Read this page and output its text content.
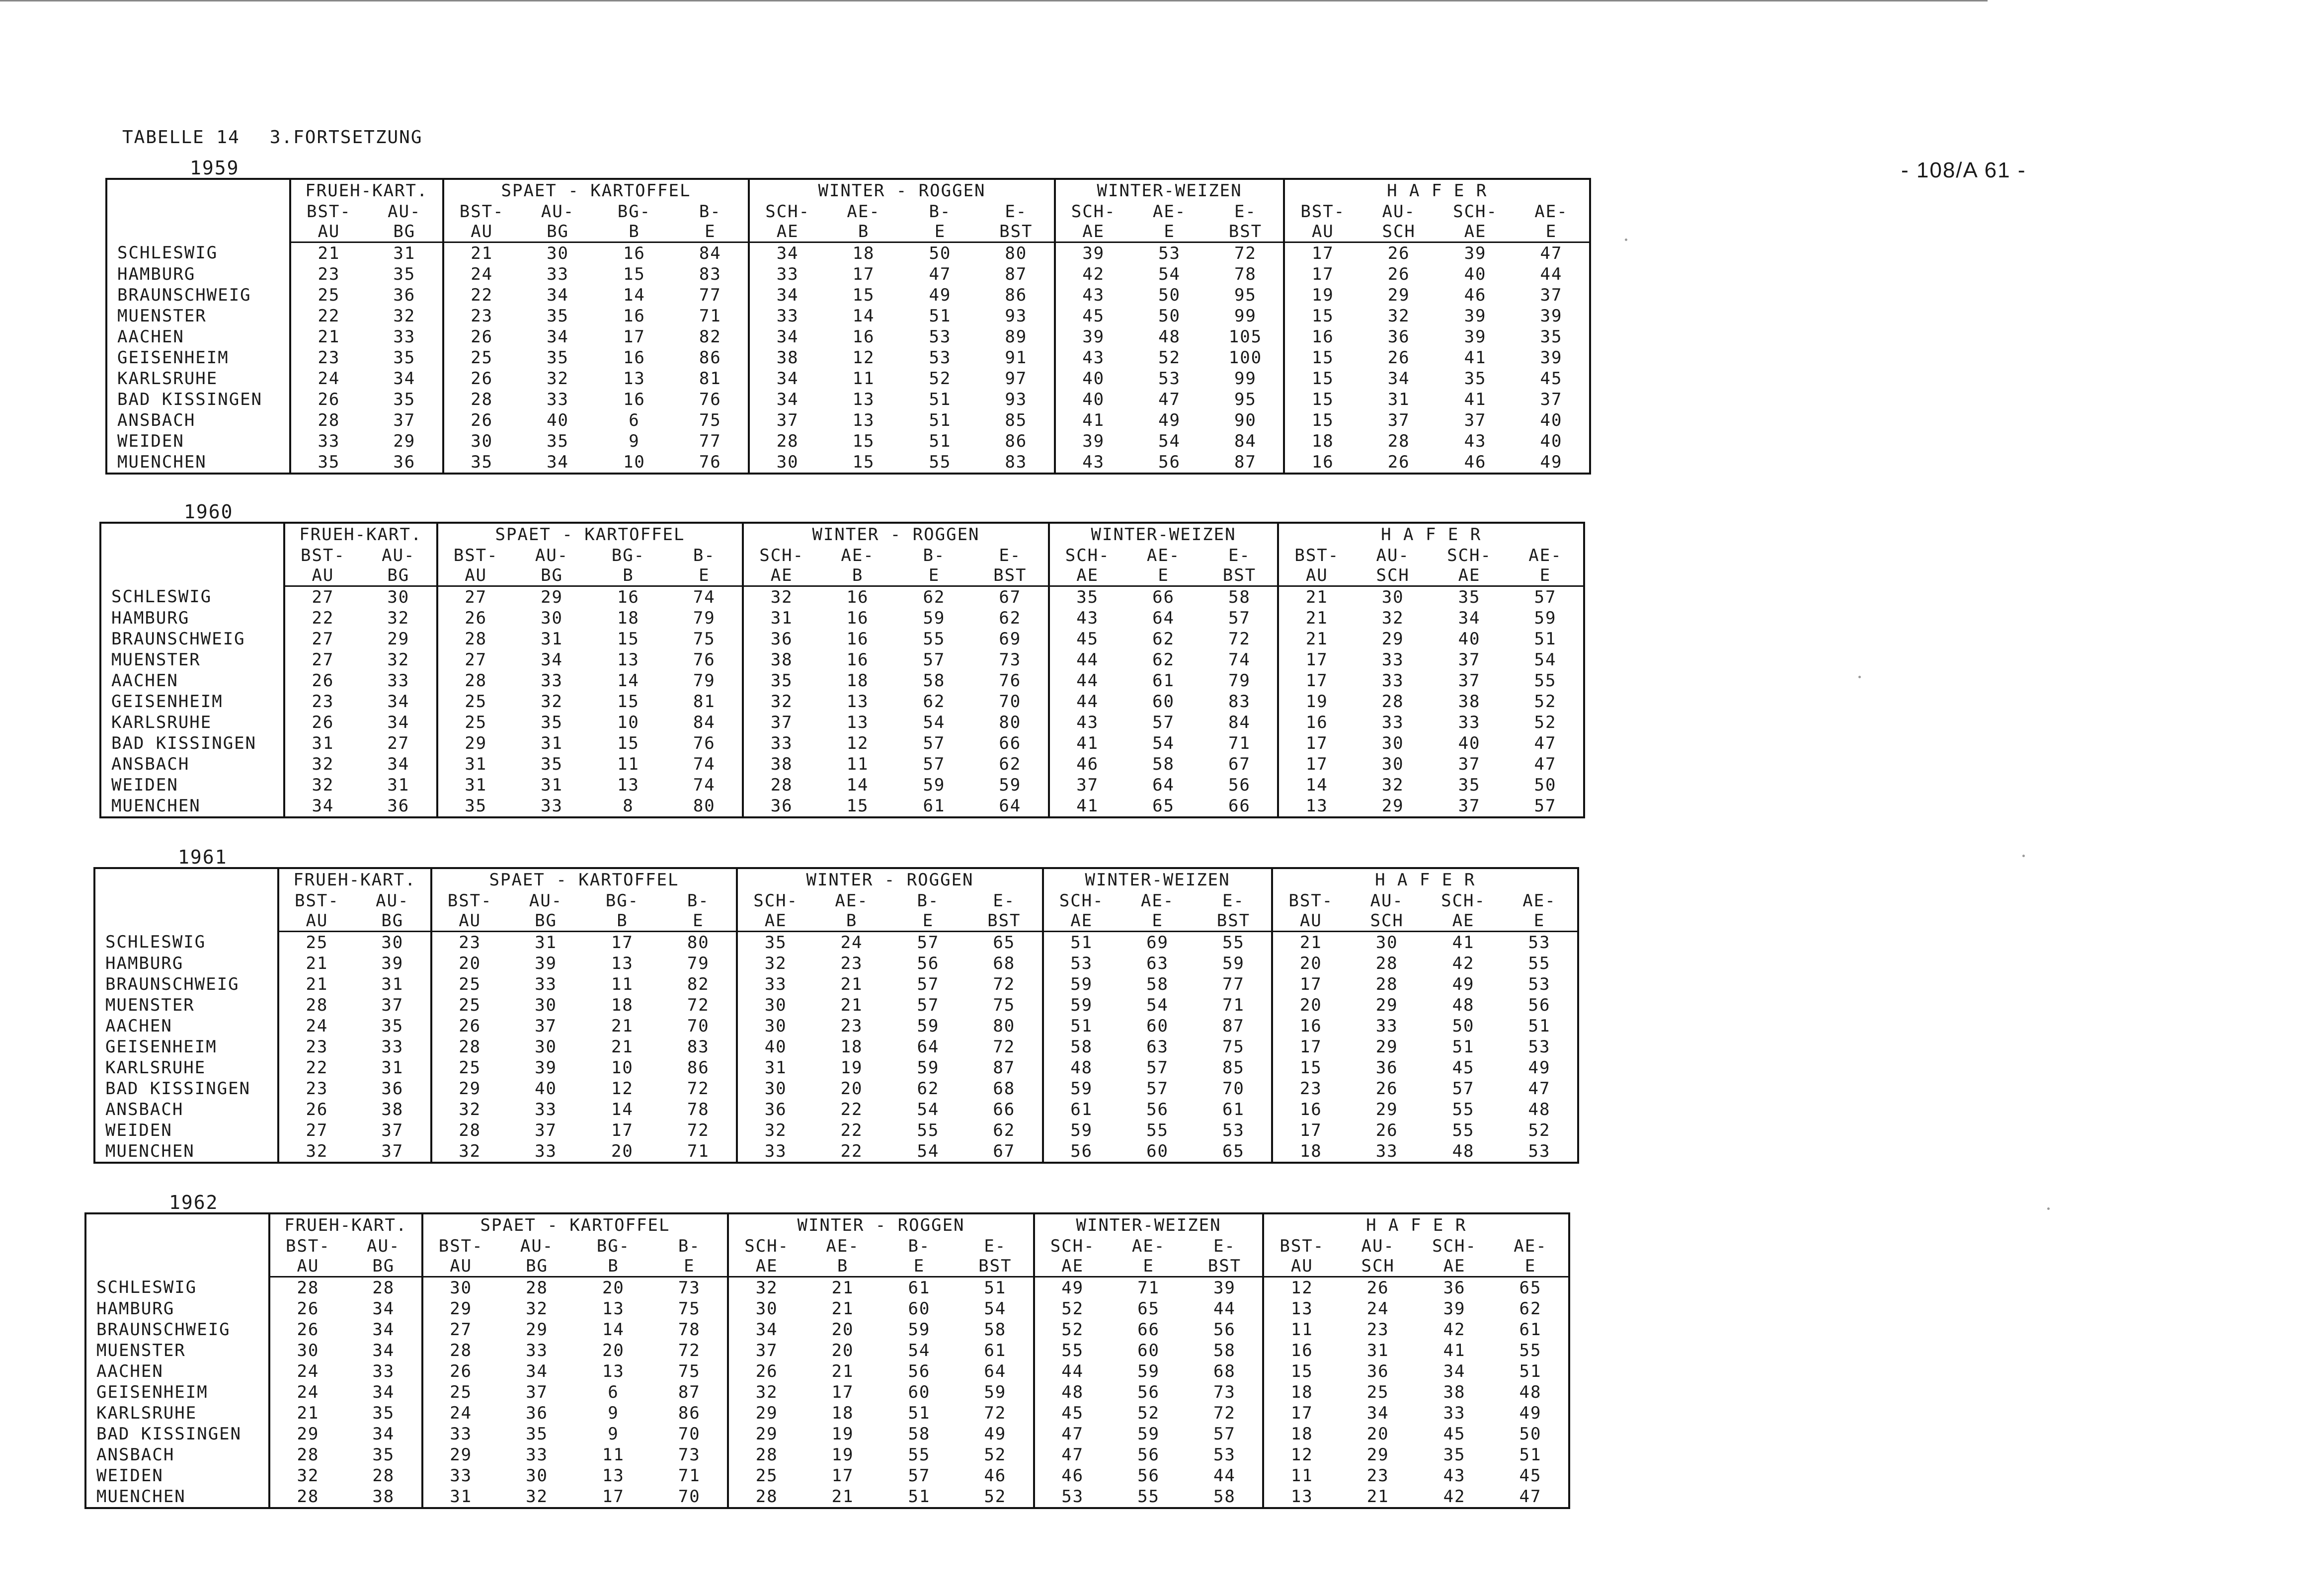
TABELLE 14 3.FORTSETZUNG
- 108/A 61 -
1959
	FRUEH-KART.		SPAET - KARTOFFEL				WINTER - ROGGEN				WINTER-WEIZEN			H A F E R			
	BST-	AU-	BST-	AU-	BG-	B-	SCH-	AE-	B-	E-	SCH-	AE-	E-	BST-	AU-	SCH-	AE-
	AU	BG	AU	BG	B	E	AE	B	E	BST	AE	E	BST	AU	SCH	AE	E
SCHLESWIG	21	31	21	30	16	84	34	18	50	80	39	53	72	17	26	39	47
HAMBURG	23	35	24	33	15	83	33	17	47	87	42	54	78	17	26	40	44
BRAUNSCHWEIG	25	36	22	34	14	77	34	15	49	86	43	50	95	19	29	46	37
MUENSTER	22	32	23	35	16	71	33	14	51	93	45	50	99	15	32	39	39
AACHEN	21	33	26	34	17	82	34	16	53	89	39	48	105	16	36	39	35
GEISENHEIM	23	35	25	35	16	86	38	12	53	91	43	52	100	15	26	41	39
KARLSRUHE	24	34	26	32	13	81	34	11	52	97	40	53	99	15	34	35	45
BAD KISSINGEN	26	35	28	33	16	76	34	13	51	93	40	47	95	15	31	41	37
ANSBACH	28	37	26	40	6	75	37	13	51	85	41	49	90	15	37	37	40
WEIDEN	33	29	30	35	9	77	28	15	51	86	39	54	84	18	28	43	40
MUENCHEN	35	36	35	34	10	76	30	15	55	83	43	56	87	16	26	46	49
1960
	FRUEH-KART.		SPAET - KARTOFFEL				WINTER - ROGGEN				WINTER-WEIZEN			H A F E R			
	BST-	AU-	BST-	AU-	BG-	B-	SCH-	AE-	B-	E-	SCH-	AE-	E-	BST-	AU-	SCH-	AE-
	AU	BG	AU	BG	B	E	AE	B	E	BST	AE	E	BST	AU	SCH	AE	E
SCHLESWIG	27	30	27	29	16	74	32	16	62	67	35	66	58	21	30	35	57
HAMBURG	22	32	26	30	18	79	31	16	59	62	43	64	57	21	32	34	59
BRAUNSCHWEIG	27	29	28	31	15	75	36	16	55	69	45	62	72	21	29	40	51
MUENSTER	27	32	27	34	13	76	38	16	57	73	44	62	74	17	33	37	54
AACHEN	26	33	28	33	14	79	35	18	58	76	44	61	79	17	33	37	55
GEISENHEIM	23	34	25	32	15	81	32	13	62	70	44	60	83	19	28	38	52
KARLSRUHE	26	34	25	35	10	84	37	13	54	80	43	57	84	16	33	33	52
BAD KISSINGEN	31	27	29	31	15	76	33	12	57	66	41	54	71	17	30	40	47
ANSBACH	32	34	31	35	11	74	38	11	57	62	46	58	67	17	30	37	47
WEIDEN	32	31	31	31	13	74	28	14	59	59	37	64	56	14	32	35	50
MUENCHEN	34	36	35	33	8	80	36	15	61	64	41	65	66	13	29	37	57
1961
	FRUEH-KART.		SPAET - KARTOFFEL				WINTER - ROGGEN				WINTER-WEIZEN			H A F E R			
	BST-	AU-	BST-	AU-	BG-	B-	SCH-	AE-	B-	E-	SCH-	AE-	E-	BST-	AU-	SCH-	AE-
	AU	BG	AU	BG	B	E	AE	B	E	BST	AE	E	BST	AU	SCH	AE	E
SCHLESWIG	25	30	23	31	17	80	35	24	57	65	51	69	55	21	30	41	53
HAMBURG	21	39	20	39	13	79	32	23	56	68	53	63	59	20	28	42	55
BRAUNSCHWEIG	21	31	25	33	11	82	33	21	57	72	59	58	77	17	28	49	53
MUENSTER	28	37	25	30	18	72	30	21	57	75	59	54	71	20	29	48	56
AACHEN	24	35	26	37	21	70	30	23	59	80	51	60	87	16	33	50	51
GEISENHEIM	23	33	28	30	21	83	40	18	64	72	58	63	75	17	29	51	53
KARLSRUHE	22	31	25	39	10	86	31	19	59	87	48	57	85	15	36	45	49
BAD KISSINGEN	23	36	29	40	12	72	30	20	62	68	59	57	70	23	26	57	47
ANSBACH	26	38	32	33	14	78	36	22	54	66	61	56	61	16	29	55	48
WEIDEN	27	37	28	37	17	72	32	22	55	62	59	55	53	17	26	55	52
MUENCHEN	32	37	32	33	20	71	33	22	54	67	56	60	65	18	33	48	53
1962
	FRUEH-KART.		SPAET - KARTOFFEL				WINTER - ROGGEN				WINTER-WEIZEN			H A F E R			
	BST-	AU-	BST-	AU-	BG-	B-	SCH-	AE-	B-	E-	SCH-	AE-	E-	BST-	AU-	SCH-	AE-
	AU	BG	AU	BG	B	E	AE	B	E	BST	AE	E	BST	AU	SCH	AE	E
SCHLESWIG	28	28	30	28	20	73	32	21	61	51	49	71	39	12	26	36	65
HAMBURG	26	34	29	32	13	75	30	21	60	54	52	65	44	13	24	39	62
BRAUNSCHWEIG	26	34	27	29	14	78	34	20	59	58	52	66	56	11	23	42	61
MUENSTER	30	34	28	33	20	72	37	20	54	61	55	60	58	16	31	41	55
AACHEN	24	33	26	34	13	75	26	21	56	64	44	59	68	15	36	34	51
GEISENHEIM	24	34	25	37	6	87	32	17	60	59	48	56	73	18	25	38	48
KARLSRUHE	21	35	24	36	9	86	29	18	51	72	45	52	72	17	34	33	49
BAD KISSINGEN	29	34	33	35	9	70	29	19	58	49	47	59	57	18	20	45	50
ANSBACH	28	35	29	33	11	73	28	19	55	52	47	56	53	12	29	35	51
WEIDEN	32	28	33	30	13	71	25	17	57	46	46	56	44	11	23	43	45
MUENCHEN	28	38	31	32	17	70	28	21	51	52	53	55	58	13	21	42	47
